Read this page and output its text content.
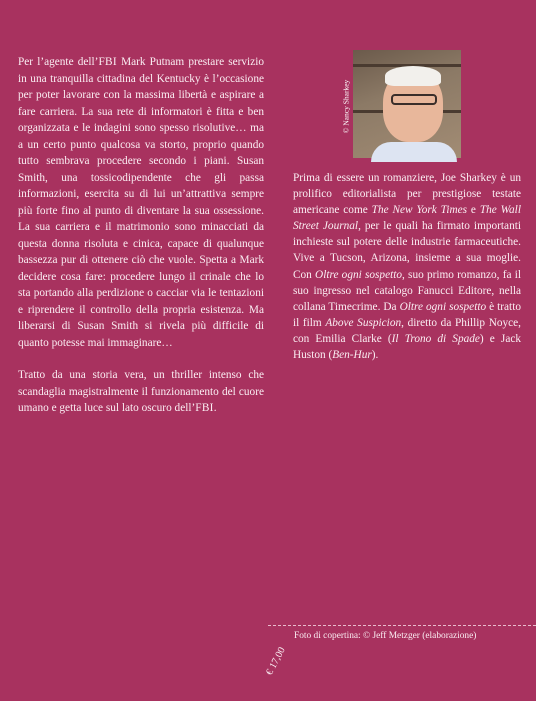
Per l’agente dell’FBI Mark Putnam prestare servizio in una tranquilla cittadina del Kentucky è l’occasione per poter lavorare con la massima libertà e aspirare a fare carriera. La sua rete di informatori è fitta e ben organizzata e le indagini sono spesso risolutive… ma a un certo punto qualcosa va storto, proprio quando tutto sembrava procedere secondo i piani. Susan Smith, una tossicodipendente che gli passa informazioni, esercita su di lui un’attrattiva sempre più forte fino al punto di diventare la sua ossessione. La sua carriera e il matrimonio sono minacciati da questa donna risoluta e cinica, capace di qualunque bassezza pur di ottenere ciò che vuole. Spetta a Mark decidere cosa fare: procedere lungo il crinale che lo sta portando alla perdizione o cacciar via le tentazioni e riprendere il controllo della propria esistenza. Ma liberarsi di Susan Smith si rivela più difficile di quanto potesse mai immaginare…

Tratto da una storia vera, un thriller intenso che scandaglia magistralmente il funzionamento del cuore umano e getta luce sul lato oscuro dell’FBI.

© Nancy Sharkey

Prima di essere un romanziere, Joe Sharkey è un prolifico editorialista per prestigiose testate americane come The New York Times e The Wall Street Journal, per le quali ha firmato importanti inchieste sul potere delle industrie farmaceutiche. Vive a Tucson, Arizona, insieme a sua moglie. Con Oltre ogni sospetto, suo primo romanzo, fa il suo ingresso nel catalogo Fanucci Editore, nella collana Timecrime. Da Oltre ogni sospetto è tratto il film Above Suspicion, diretto da Phillip Noyce, con Emilia Clarke (Il Trono di Spade) e Jack Huston (Ben-Hur).

Foto di copertina: © Jeff Metzger (elaborazione)
€ 17,00
